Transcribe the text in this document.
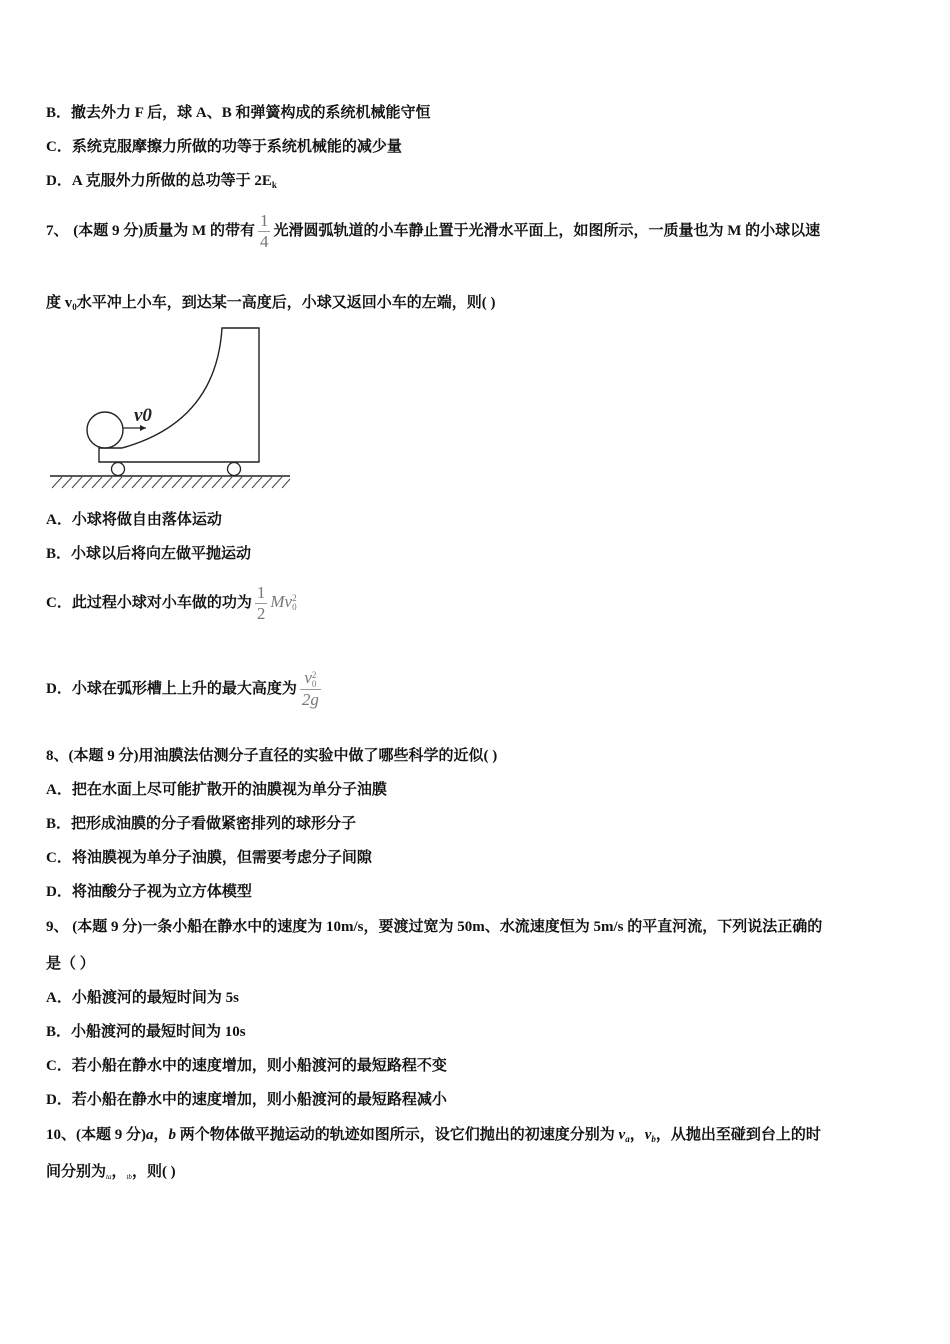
B．撤去外力 F 后，球 A、B 和弹簧构成的系统机械能守恒
C．系统克服摩擦力所做的功等于系统机械能的减少量
D．A 克服外力所做的总功等于 $2E_k$
7、 (本题 9 分)质量为 M 的带有 $\frac{1}{4}$ 光滑圆弧轨道的小车静止置于光滑水平面上，如图所示，一质量也为 M 的小球以速
度 $v_0$水平冲上小车，到达某一高度后，小球又返回小车的左端，则( )
v0
A．小球将做自由落体运动
B．小球以后将向左做平抛运动
C．此过程小球对小车做的功为 $\frac{1}{2}$ Mv 2
0
D．小球在弧形槽上上升的最大高度为 v 2
0
2g
8、(本题 9 分)用油膜法估测分子直径的实验中做了哪些科学的近似( )
A．把在水面上尽可能扩散开的油膜视为单分子油膜
B．把形成油膜的分子看做紧密排列的球形分子
C．将油膜视为单分子油膜，但需要考虑分子间隙
D．将油酸分子视为立方体模型
9、 (本题 9 分)一条小船在静水中的速度为 10m/s，要渡过宽为 50m、水流速度恒为 5m/s 的平直河流，下列说法正确的
是（ ）
A．小船渡河的最短时间为 5s
B．小船渡河的最短时间为 10s
C．若小船在静水中的速度增加，则小船渡河的最短路程不变
D．若小船在静水中的速度增加，则小船渡河的最短路程减小
10、(本题 9 分)a，b 两个物体做平抛运动的轨迹如图所示，设它们抛出的初速度分别为 $v_a$，$v_b$，从抛出至碰到台上的时
间分别为$_{ta}$，$_{tb}$，则( )
